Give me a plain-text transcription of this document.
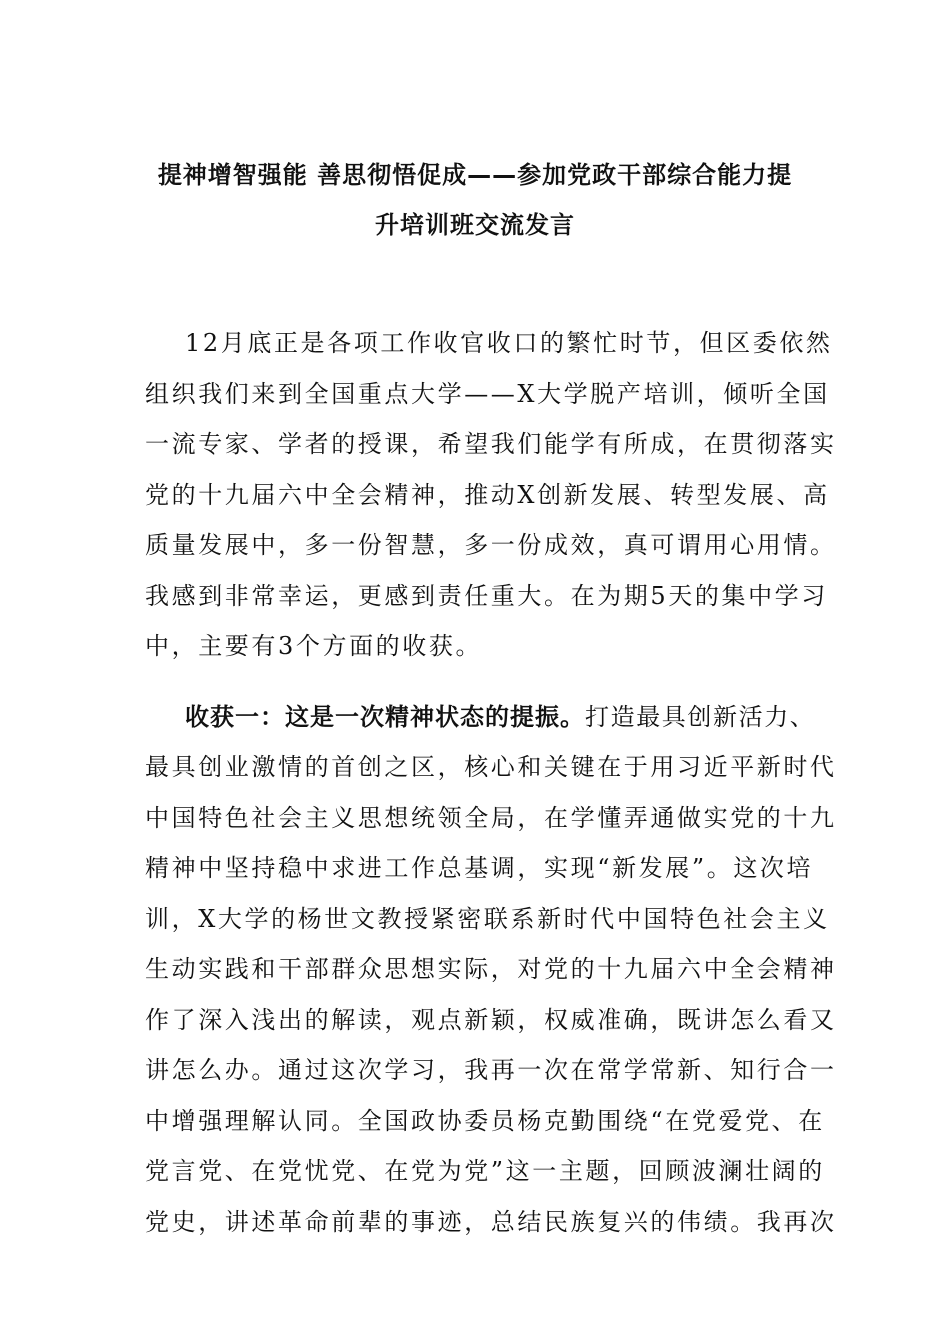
提神增智强能 善思彻悟促成——参加党政干部综合能力提
升培训班交流发言
12月底正是各项工作收官收口的繁忙时节，但区委依然
组织我们来到全国重点大学——X大学脱产培训，倾听全国
一流专家、学者的授课，希望我们能学有所成，在贯彻落实
党的十九届六中全会精神，推动X创新发展、转型发展、高
质量发展中，多一份智慧，多一份成效，真可谓用心用情。
我感到非常幸运，更感到责任重大。在为期5天的集中学习
中，主要有3个方面的收获。
收获一：这是一次精神状态的提振。打造最具创新活力、
最具创业激情的首创之区，核心和关键在于用习近平新时代
中国特色社会主义思想统领全局，在学懂弄通做实党的十九
精神中坚持稳中求进工作总基调，实现“新发展”。这次培
训，X大学的杨世文教授紧密联系新时代中国特色社会主义
生动实践和干部群众思想实际，对党的十九届六中全会精神
作了深入浅出的解读，观点新颖，权威准确，既讲怎么看又
讲怎么办。通过这次学习，我再一次在常学常新、知行合一
中增强理解认同。全国政协委员杨克勤围绕“在党爱党、在
党言党、在党忧党、在党为党”这一主题，回顾波澜壮阔的
党史，讲述革命前辈的事迹，总结民族复兴的伟绩。我再次
